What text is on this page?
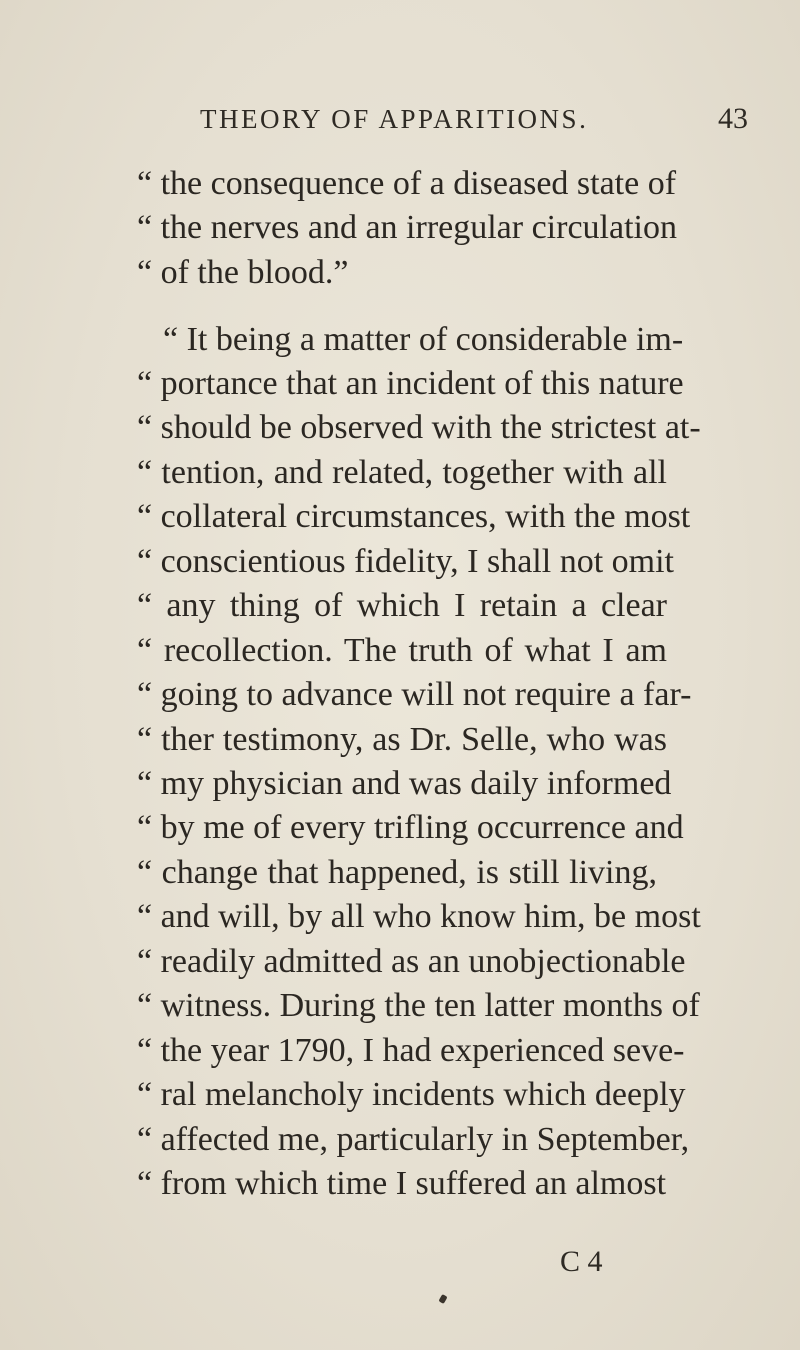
THEORY OF APPARITIONS.	43
“ the consequence of a diseased state of
“ the nerves and an irregular circulation
“ of the blood.”
“ It being a matter of considerable im-
“ portance that an incident of this nature
“ should be observed with the strictest at-
“ tention, and related, together with all
“ collateral circumstances, with the most
“ conscientious fidelity, I shall not omit
“ any thing of which I retain a clear
“ recollection. The truth of what I am
“ going to advance will not require a far-
“ ther testimony, as Dr. Selle, who was
“ my physician and was daily informed
“ by me of every trifling occurrence and
“ change that happened, is still living,
“ and will, by all who know him, be most
“ readily admitted as an unobjectionable
“ witness. During the ten latter months of
“ the year 1790, I had experienced seve-
“ ral melancholy incidents which deeply
“ affected me, particularly in September,
“ from which time I suffered an almost
C 4
